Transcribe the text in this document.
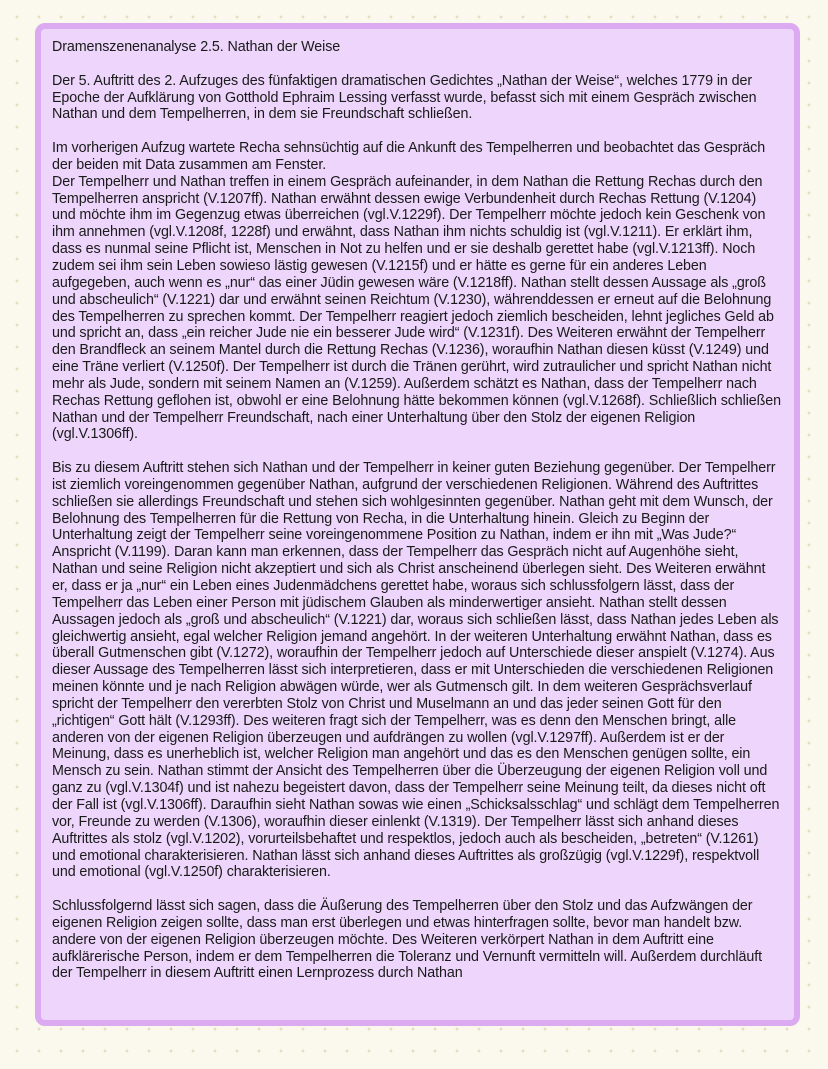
Dramenszenenanalyse 2.5. Nathan der Weise

Der 5. Auftritt des 2. Aufzuges des fünfaktigen dramatischen Gedichtes „Nathan der Weise“, welches 1779 in der Epoche der Aufklärung von Gotthold Ephraim Lessing verfasst wurde, befasst sich mit einem Gespräch zwischen Nathan und dem Tempelherren, in dem sie Freundschaft schließen.

Im vorherigen Aufzug wartete Recha sehnsüchtig auf die Ankunft des Tempelherren und beobachtet das Gespräch der beiden mit Data zusammen am Fenster.

Der Tempelherr und Nathan treffen in einem Gespräch aufeinander, in dem Nathan die Rettung Rechas durch den Tempelherren anspricht (V.1207ff). Nathan erwähnt dessen ewige Verbundenheit durch Rechas Rettung (V.1204) und möchte ihm im Gegenzug etwas überreichen (vgl.V.1229f). Der Tempelherr möchte jedoch kein Geschenk von ihm annehmen (vgl.V.1208f, 1228f) und erwähnt, dass Nathan ihm nichts schuldig ist (vgl.V.1211). Er erklärt ihm, dass es nunmal seine Pflicht ist, Menschen in Not zu helfen und er sie deshalb gerettet habe (vgl.V.1213ff). Noch zudem sei ihm sein Leben sowieso lästig gewesen (V.1215f) und er hätte es gerne für ein anderes Leben aufgegeben, auch wenn es „nur“ das einer Jüdin gewesen wäre (V.1218ff). Nathan stellt dessen Aussage als „groß und abscheulich“ (V.1221) dar und erwähnt seinen Reichtum (V.1230), währenddessen er erneut auf die Belohnung des Tempelherren zu sprechen kommt. Der Tempelherr reagiert jedoch ziemlich bescheiden, lehnt jegliches Geld ab und spricht an, dass „ein reicher Jude nie ein besserer Jude wird“ (V.1231f). Des Weiteren erwähnt der Tempelherr den Brandfleck an seinem Mantel durch die Rettung Rechas (V.1236), woraufhin Nathan diesen küsst (V.1249) und eine Träne verliert (V.1250f). Der Tempelherr ist durch die Tränen gerührt, wird zutraulicher und spricht Nathan nicht mehr als Jude, sondern mit seinem Namen an (V.1259). Außerdem schätzt es Nathan, dass der Tempelherr nach Rechas Rettung geflohen ist, obwohl er eine Belohnung hätte bekommen können (vgl.V.1268f). Schließlich schließen Nathan und der Tempelherr Freundschaft, nach einer Unterhaltung über den Stolz der eigenen Religion (vgl.V.1306ff).

Bis zu diesem Auftritt stehen sich Nathan und der Tempelherr in keiner guten Beziehung gegenüber. Der Tempelherr ist ziemlich voreingenommen gegenüber Nathan, aufgrund der verschiedenen Religionen. Während des Auftrittes schließen sie allerdings Freundschaft und stehen sich wohlgesinnten gegenüber. Nathan geht mit dem Wunsch, der Belohnung des Tempelherren für die Rettung von Recha, in die Unterhaltung hinein. Gleich zu Beginn der Unterhaltung zeigt der Tempelherr seine voreingenommene Position zu Nathan, indem er ihn mit „Was Jude?“ Anspricht (V.1199). Daran kann man erkennen, dass der Tempelherr das Gespräch nicht auf Augenhöhe sieht, Nathan und seine Religion nicht akzeptiert und sich als Christ anscheinend überlegen sieht. Des Weiteren erwähnt er, dass er ja „nur“ ein Leben eines Judenmädchens gerettet habe, woraus sich schlussfolgern lässt, dass der Tempelherr das Leben einer Person mit jüdischem Glauben als minderwertiger ansieht. Nathan stellt dessen Aussagen jedoch als „groß und abscheulich“ (V.1221) dar, woraus sich schließen lässt, dass Nathan jedes Leben als gleichwertig ansieht, egal welcher Religion jemand angehört. In der weiteren Unterhaltung erwähnt Nathan, dass es überall Gutmenschen gibt (V.1272), woraufhin der Tempelherr jedoch auf Unterschiede dieser anspielt (V.1274). Aus dieser Aussage des Tempelherren lässt sich interpretieren, dass er mit Unterschieden die verschiedenen Religionen meinen könnte und je nach Religion abwägen würde, wer als Gutmensch gilt. In dem weiteren Gesprächsverlauf spricht der Tempelherr den vererbten Stolz von Christ und Muselmann an und das jeder seinen Gott für den „richtigen“ Gott hält (V.1293ff). Des weiteren fragt sich der Tempelherr, was es denn den Menschen bringt, alle anderen von der eigenen Religion überzeugen und aufdrängen zu wollen (vgl.V.1297ff). Außerdem ist er der Meinung, dass es unerheblich ist, welcher Religion man angehört und das es den Menschen genügen sollte, ein Mensch zu sein. Nathan stimmt der Ansicht des Tempelherren über die Überzeugung der eigenen Religion voll und ganz zu (vgl.V.1304f) und ist nahezu begeistert davon, dass der Tempelherr seine Meinung teilt, da dieses nicht oft der Fall ist (vgl.V.1306ff). Daraufhin sieht Nathan sowas wie einen „Schicksalsschlag“ und schlägt dem Tempelherren vor, Freunde zu werden (V.1306), woraufhin dieser einlenkt (V.1319). Der Tempelherr lässt sich anhand dieses Auftrittes als stolz (vgl.V.1202), vorurteilsbehaftet und respektlos, jedoch auch als bescheiden, „betreten“ (V.1261) und emotional charakterisieren. Nathan lässt sich anhand dieses Auftrittes als großzügig (vgl.V.1229f), respektvoll und emotional (vgl.V.1250f) charakterisieren.

Schlussfolgernd lässt sich sagen, dass die Äußerung des Tempelherren über den Stolz und das Aufzwängen der eigenen Religion zeigen sollte, dass man erst überlegen und etwas hinterfragen sollte, bevor man handelt bzw. andere von der eigenen Religion überzeugen möchte. Des Weiteren verkörpert Nathan in dem Auftritt eine aufklärerische Person, indem er dem Tempelherren die Toleranz und Vernunft vermitteln will. Außerdem durchläuft der Tempelherr in diesem Auftritt einen Lernprozess durch Nathan
